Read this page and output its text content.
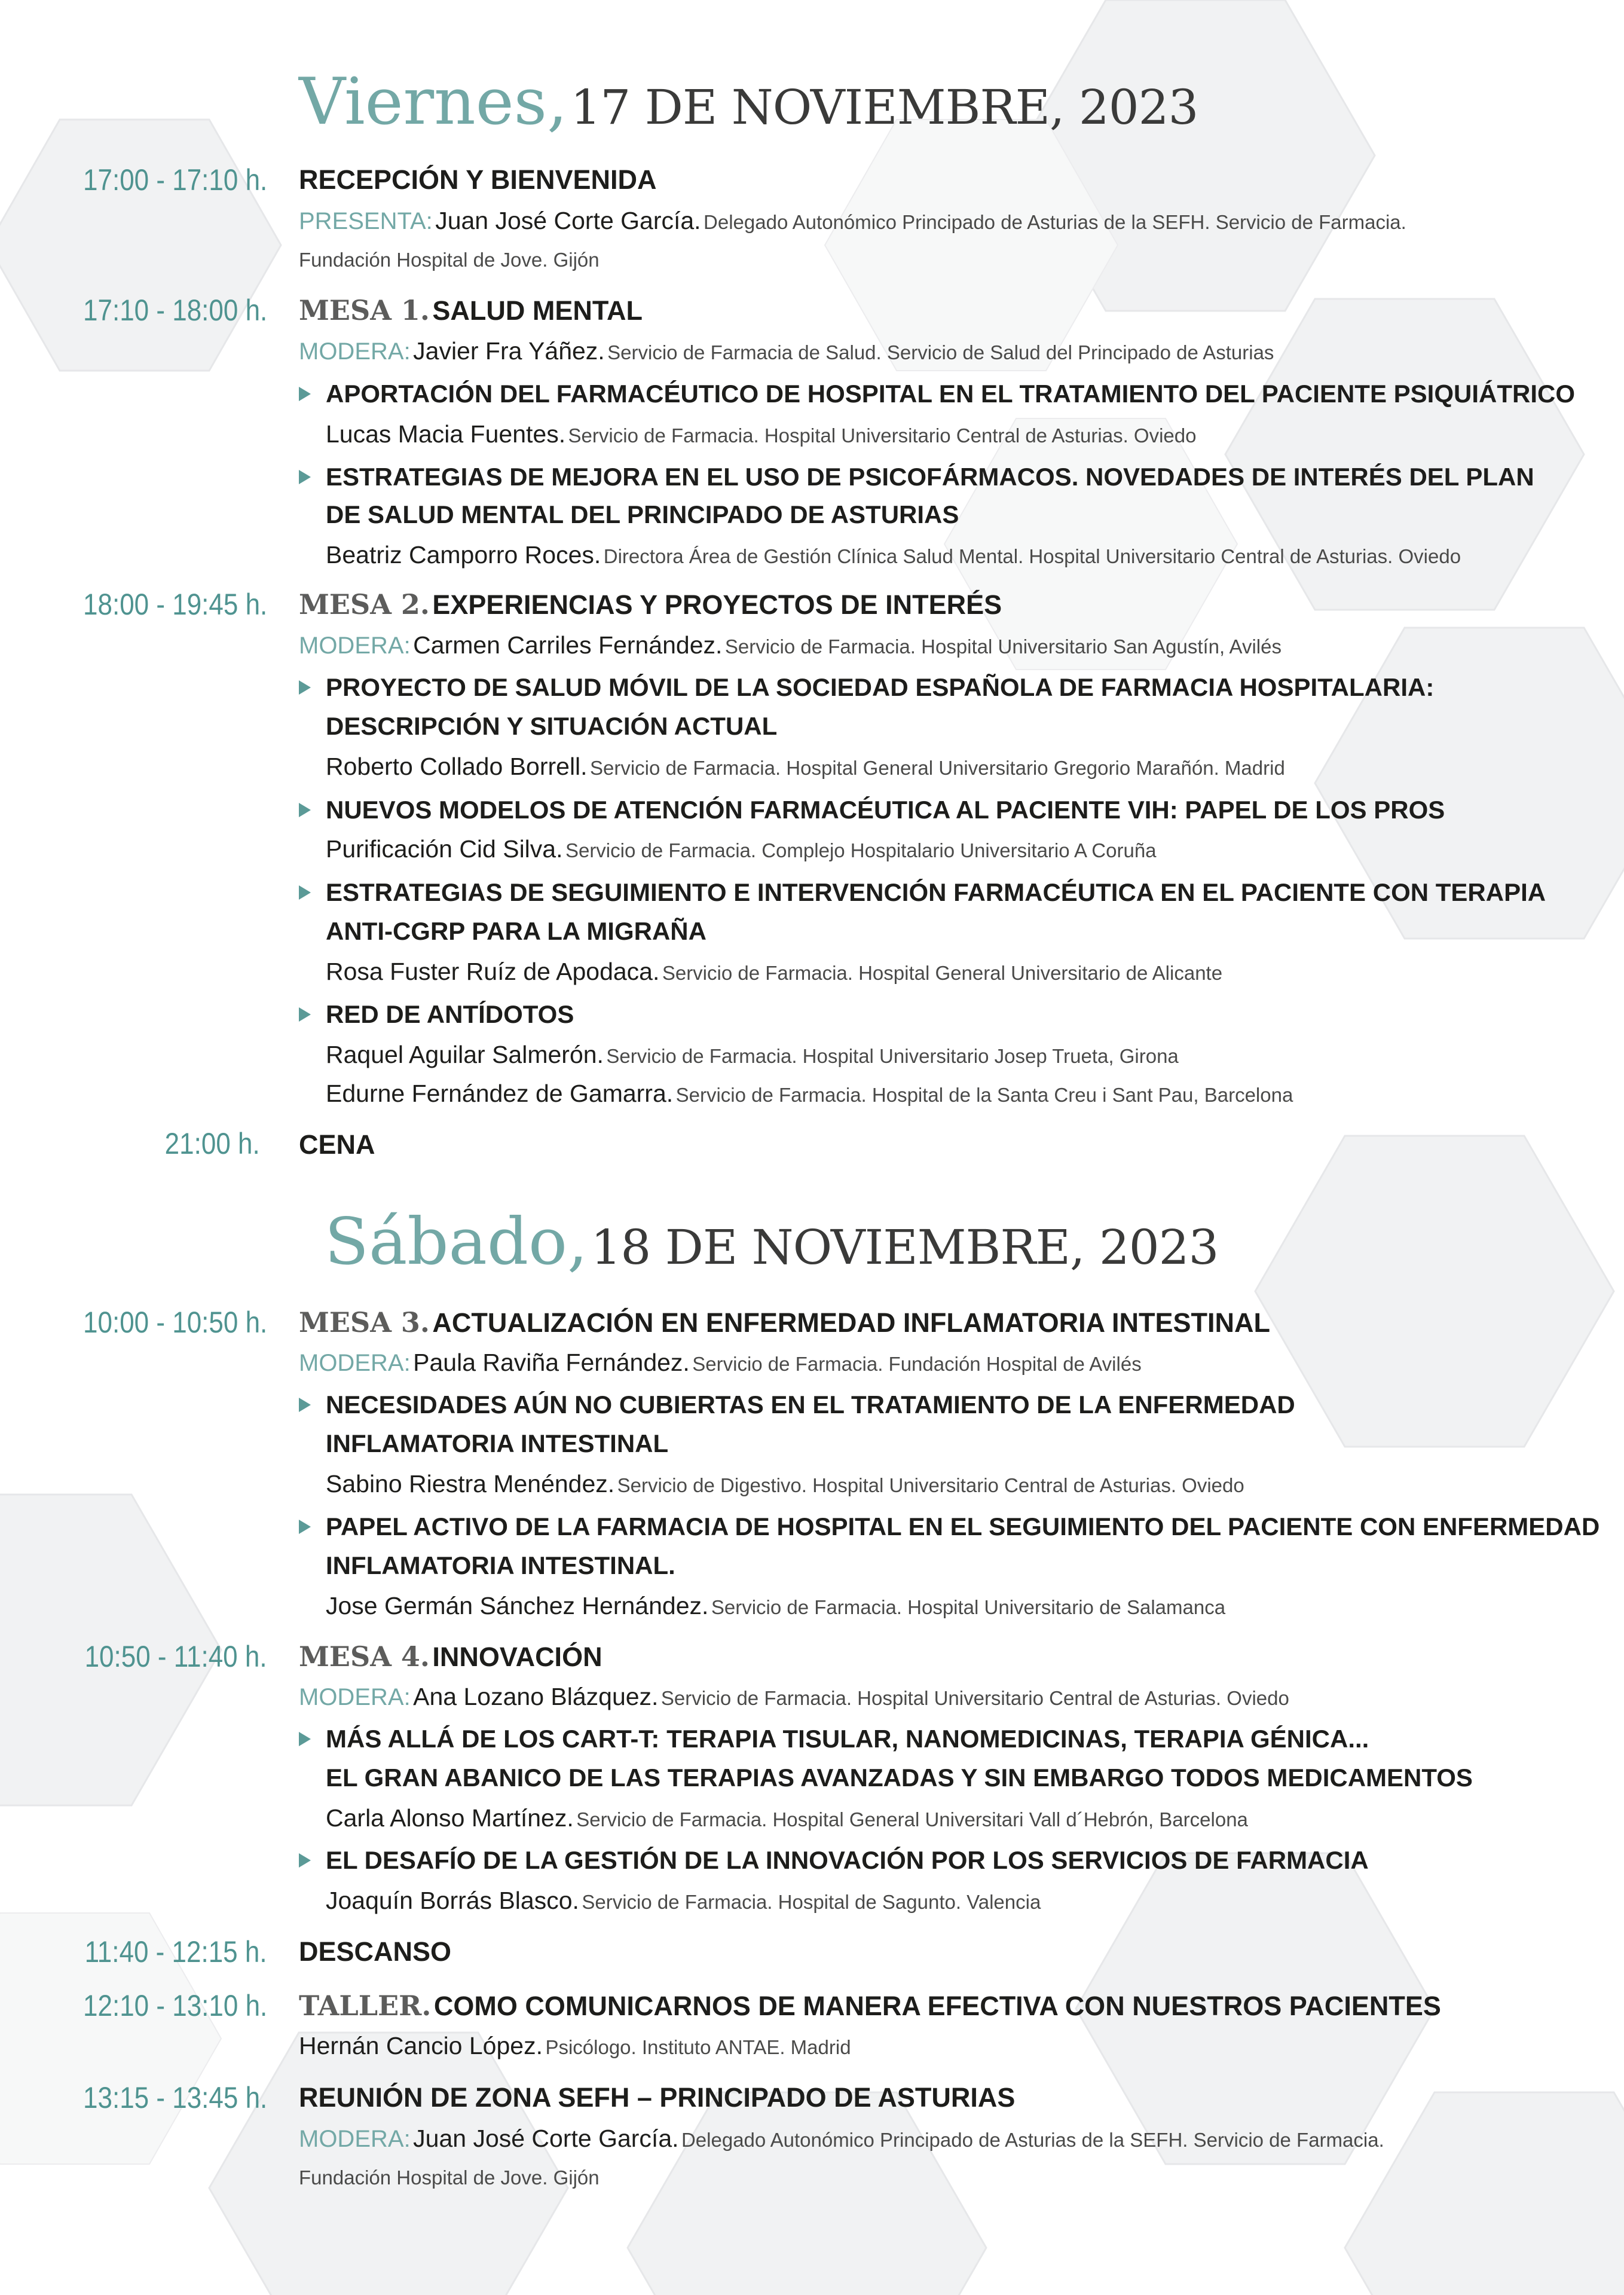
Viernes, 17 DE NOVIEMBRE, 2023
17:00 - 17:10 h. RECEPCIÓN Y BIENVENIDA
PRESENTA: Juan José Corte García. Delegado Autonómico Principado de Asturias de la SEFH. Servicio de Farmacia.
Fundación Hospital de Jove. Gijón
17:10 - 18:00 h. MESA 1. SALUD MENTAL
MODERA: Javier Fra Yáñez. Servicio de Farmacia de Salud. Servicio de Salud del Principado de Asturias
APORTACIÓN DEL FARMACÉUTICO DE HOSPITAL EN EL TRATAMIENTO DEL PACIENTE PSIQUIÁTRICO
Lucas Macia Fuentes. Servicio de Farmacia. Hospital Universitario Central de Asturias. Oviedo
ESTRATEGIAS DE MEJORA EN EL USO DE PSICOFÁRMACOS. NOVEDADES DE INTERÉS DEL PLAN
DE SALUD MENTAL DEL PRINCIPADO DE ASTURIAS
Beatriz Camporro Roces. Directora Área de Gestión Clínica Salud Mental. Hospital Universitario Central de Asturias. Oviedo
18:00 - 19:45 h. MESA 2. EXPERIENCIAS Y PROYECTOS DE INTERÉS
MODERA: Carmen Carriles Fernández. Servicio de Farmacia. Hospital Universitario San Agustín, Avilés
PROYECTO DE SALUD MÓVIL DE LA SOCIEDAD ESPAÑOLA DE FARMACIA HOSPITALARIA:
DESCRIPCIÓN Y SITUACIÓN ACTUAL
Roberto Collado Borrell. Servicio de Farmacia. Hospital General Universitario Gregorio Marañón. Madrid
NUEVOS MODELOS DE ATENCIÓN FARMACÉUTICA AL PACIENTE VIH: PAPEL DE LOS PROS
Purificación Cid Silva. Servicio de Farmacia. Complejo Hospitalario Universitario A Coruña
ESTRATEGIAS DE SEGUIMIENTO E INTERVENCIÓN FARMACÉUTICA EN EL PACIENTE CON TERAPIA
ANTI-CGRP PARA LA MIGRAÑA
Rosa Fuster Ruíz de Apodaca. Servicio de Farmacia. Hospital General Universitario de Alicante
RED DE ANTÍDOTOS
Raquel Aguilar Salmerón. Servicio de Farmacia. Hospital Universitario Josep Trueta, Girona
Edurne Fernández de Gamarra. Servicio de Farmacia. Hospital de la Santa Creu i Sant Pau, Barcelona
21:00 h. CENA
Sábado, 18 DE NOVIEMBRE, 2023
10:00 - 10:50 h. MESA 3. ACTUALIZACIÓN EN ENFERMEDAD INFLAMATORIA INTESTINAL
MODERA: Paula Raviña Fernández. Servicio de Farmacia. Fundación Hospital de Avilés
NECESIDADES AÚN NO CUBIERTAS EN EL TRATAMIENTO DE LA ENFERMEDAD
INFLAMATORIA INTESTINAL
Sabino Riestra Menéndez. Servicio de Digestivo. Hospital Universitario Central de Asturias. Oviedo
PAPEL ACTIVO DE LA FARMACIA DE HOSPITAL EN EL SEGUIMIENTO DEL PACIENTE CON ENFERMEDAD
INFLAMATORIA INTESTINAL.
Jose Germán Sánchez Hernández. Servicio de Farmacia. Hospital Universitario de Salamanca
10:50 - 11:40 h. MESA 4. INNOVACIÓN
MODERA: Ana Lozano Blázquez. Servicio de Farmacia. Hospital Universitario Central de Asturias. Oviedo
MÁS ALLÁ DE LOS CART-T: TERAPIA TISULAR, NANOMEDICINAS, TERAPIA GÉNICA...
EL GRAN ABANICO DE LAS TERAPIAS AVANZADAS Y SIN EMBARGO TODOS MEDICAMENTOS
Carla Alonso Martínez. Servicio de Farmacia. Hospital General Universitari Vall d´Hebrón, Barcelona
EL DESAFÍO DE LA GESTIÓN DE LA INNOVACIÓN POR LOS SERVICIOS DE FARMACIA
Joaquín Borrás Blasco. Servicio de Farmacia. Hospital de Sagunto. Valencia
11:40 - 12:15 h. DESCANSO
12:10 - 13:10 h. TALLER. COMO COMUNICARNOS DE MANERA EFECTIVA CON NUESTROS PACIENTES
Hernán Cancio López. Psicólogo. Instituto ANTAE. Madrid
13:15 - 13:45 h. REUNIÓN DE ZONA SEFH – PRINCIPADO DE ASTURIAS
MODERA: Juan José Corte García. Delegado Autonómico Principado de Asturias de la SEFH. Servicio de Farmacia.
Fundación Hospital de Jove. Gijón
